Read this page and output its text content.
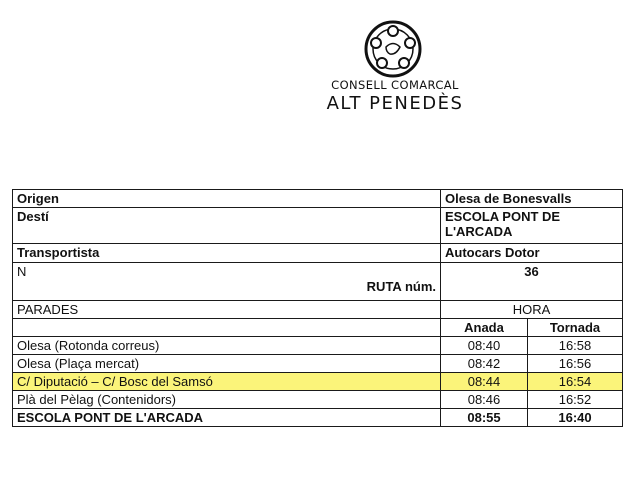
CONSELL COMARCAL
ALT PENEDÈS
Origen	Olesa de Bonesvalls	
Destí	ESCOLA PONT DE L'ARCADA	
Transportista	Autocars Dotor	

N
RUTA núm.	36	
PARADES	HORA	
	Anada	Tornada
Olesa (Rotonda correus)	08:40	16:58
Olesa (Plaça mercat)	08:42	16:56
C/ Diputació – C/ Bosc del Samsó	08:44	16:54
Plà del Pèlag (Contenidors)	08:46	16:52
ESCOLA PONT DE L'ARCADA	08:55	16:40
